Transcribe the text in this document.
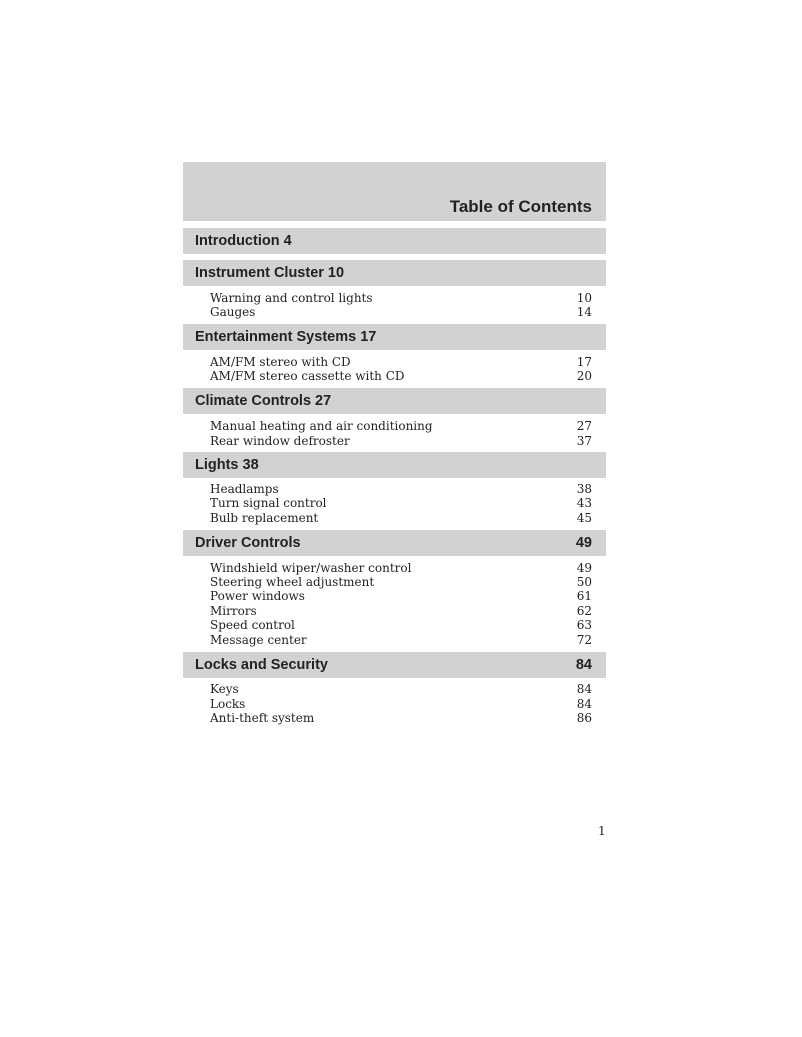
Table of Contents
Introduction 4
Instrument Cluster 10
Warning and control lights	10
Gauges	14
Entertainment Systems 17
AM/FM stereo with CD	17
AM/FM stereo cassette with CD	20
Climate Controls 27
Manual heating and air conditioning	27
Rear window defroster	37
Lights 38
Headlamps	38
Turn signal control	43
Bulb replacement	45
Driver Controls	49
Windshield wiper/washer control	49
Steering wheel adjustment	50
Power windows	61
Mirrors	62
Speed control	63
Message center	72
Locks and Security	84
Keys	84
Locks	84
Anti-theft system	86
1
